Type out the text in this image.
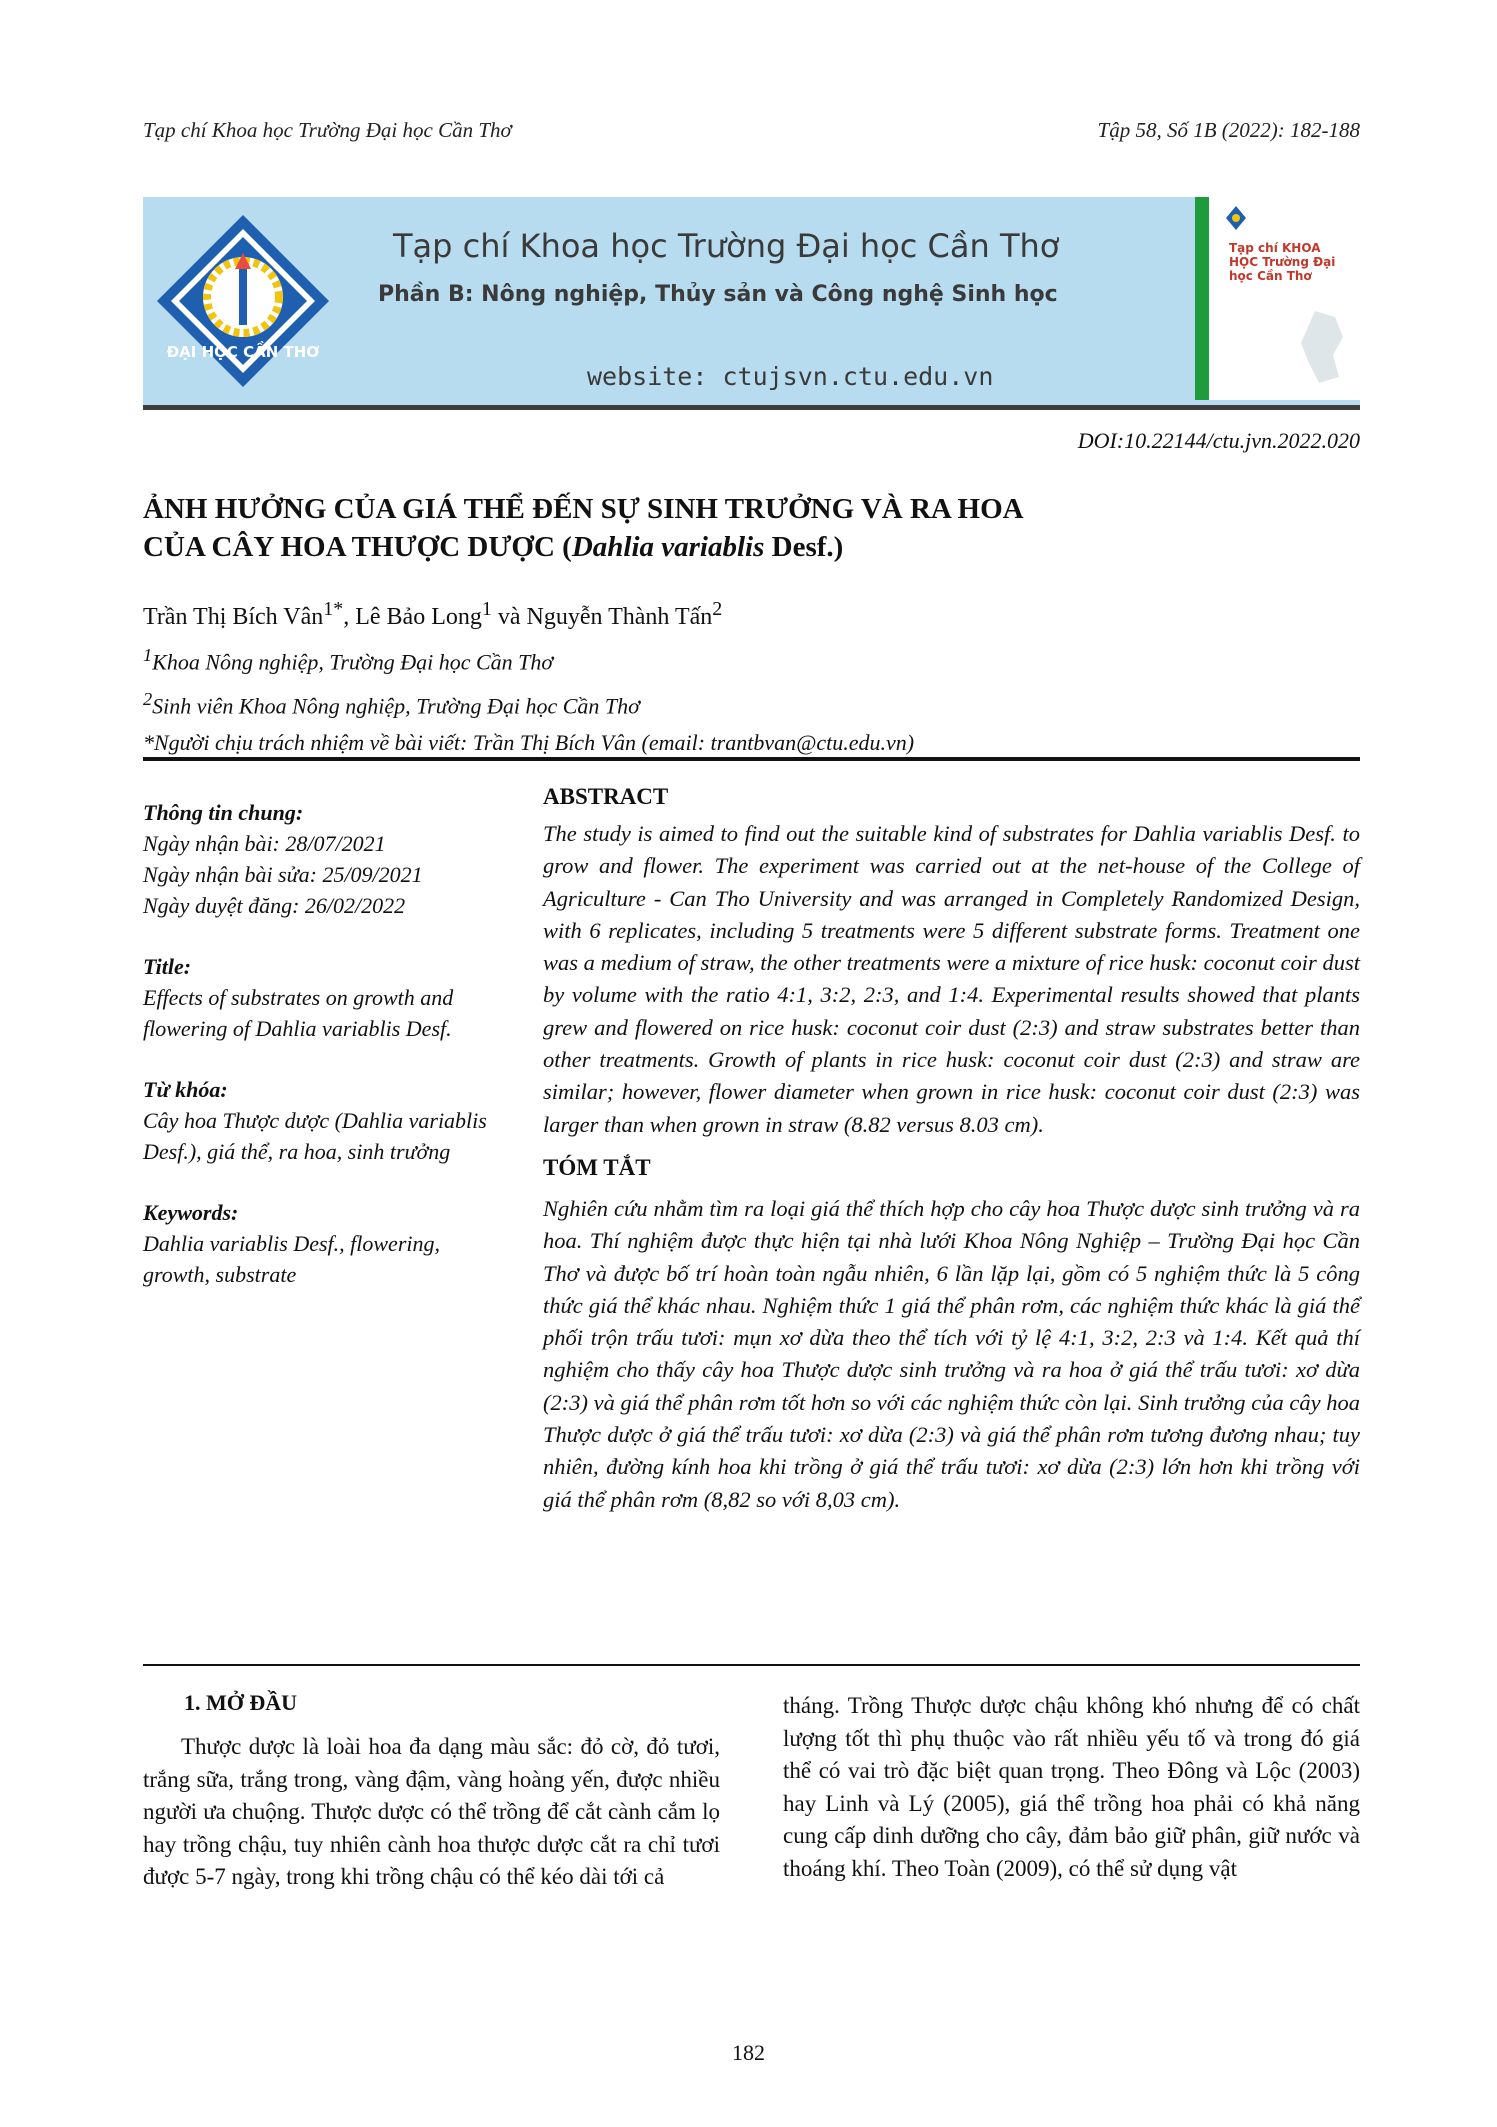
Tạp chí Khoa học Trường Đại học Cần Thơ	Tập 58, Số 1B (2022): 182-188
ĐẠI HỌC CẦN THƠ
Tạp chí Khoa học Trường Đại học Cần Thơ
Phần B: Nông nghiệp, Thủy sản và Công nghệ Sinh học
website: ctujsvn.ctu.edu.vn
Tạp chí KHOA HỌC Trường Đại học Cần Thơ
DOI:10.22144/ctu.jvn.2022.020
ẢNH HƯỞNG CỦA GIÁ THỂ ĐẾN SỰ SINH TRƯỞNG VÀ RA HOA
CỦA CÂY HOA THƯỢC DƯỢC (Dahlia variablis Desf.)
Trần Thị Bích Vân$^{1*}$, Lê Bảo Long$^1$ và Nguyễn Thành Tấn$^2$
$^1$Khoa Nông nghiệp, Trường Đại học Cần Thơ
$^2$Sinh viên Khoa Nông nghiệp, Trường Đại học Cần Thơ
*Người chịu trách nhiệm về bài viết: Trần Thị Bích Vân (email: trantbvan@ctu.edu.vn)

Thông tin chung:

Ngày nhận bài: 28/07/2021

Ngày nhận bài sửa: 25/09/2021

Ngày duyệt đăng: 26/02/2022

Title:

Effects of substrates on growth and flowering of Dahlia variablis Desf.

Từ khóa:

Cây hoa Thược dược (Dahlia variablis Desf.), giá thể, ra hoa, sinh trưởng

Keywords:

Dahlia variablis Desf., flowering, growth, substrate

ABSTRACT

The study is aimed to find out the suitable kind of substrates for Dahlia variablis Desf. to grow and flower. The experiment was carried out at the net-house of the College of Agriculture - Can Tho University and was arranged in Completely Randomized Design, with 6 replicates, including 5 treatments were 5 different substrate forms. Treatment one was a medium of straw, the other treatments were a mixture of rice husk: coconut coir dust by volume with the ratio 4:1, 3:2, 2:3, and 1:4. Experimental results showed that plants grew and flowered on rice husk: coconut coir dust (2:3) and straw substrates better than other treatments. Growth of plants in rice husk: coconut coir dust (2:3) and straw are similar; however, flower diameter when grown in rice husk: coconut coir dust (2:3) was larger than when grown in straw (8.82 versus 8.03 cm).

TÓM TẮT

Nghiên cứu nhằm tìm ra loại giá thể thích hợp cho cây hoa Thược dược sinh trưởng và ra hoa. Thí nghiệm được thực hiện tại nhà lưới Khoa Nông Nghiệp – Trường Đại học Cần Thơ và được bố trí hoàn toàn ngẫu nhiên, 6 lần lặp lại, gồm có 5 nghiệm thức là 5 công thức giá thể khác nhau. Nghiệm thức 1 giá thể phân rơm, các nghiệm thức khác là giá thể phối trộn trấu tươi: mụn xơ dừa theo thể tích với tỷ lệ 4:1, 3:2, 2:3 và 1:4. Kết quả thí nghiệm cho thấy cây hoa Thược dược sinh trưởng và ra hoa ở giá thể trấu tươi: xơ dừa (2:3) và giá thể phân rơm tốt hơn so với các nghiệm thức còn lại. Sinh trưởng của cây hoa Thược dược ở giá thể trấu tươi: xơ dừa (2:3) và giá thể phân rơm tương đương nhau; tuy nhiên, đường kính hoa khi trồng ở giá thể trấu tươi: xơ dừa (2:3) lớn hơn khi trồng với giá thể phân rơm (8,82 so với 8,03 cm).

1. MỞ ĐẦU

Thược dược là loài hoa đa dạng màu sắc: đỏ cờ, đỏ tươi, trắng sữa, trắng trong, vàng đậm, vàng hoàng yến, được nhiều người ưa chuộng. Thược dược có thể trồng để cắt cành cắm lọ hay trồng chậu, tuy nhiên cành hoa thược dược cắt ra chỉ tươi được 5-7 ngày, trong khi trồng chậu có thể kéo dài tới cả

tháng. Trồng Thược dược chậu không khó nhưng để có chất lượng tốt thì phụ thuộc vào rất nhiều yếu tố và trong đó giá thể có vai trò đặc biệt quan trọng. Theo Đông và Lộc (2003) hay Linh và Lý (2005), giá thể trồng hoa phải có khả năng cung cấp dinh dưỡng cho cây, đảm bảo giữ phân, giữ nước và thoáng khí. Theo Toàn (2009), có thể sử dụng vật

182
